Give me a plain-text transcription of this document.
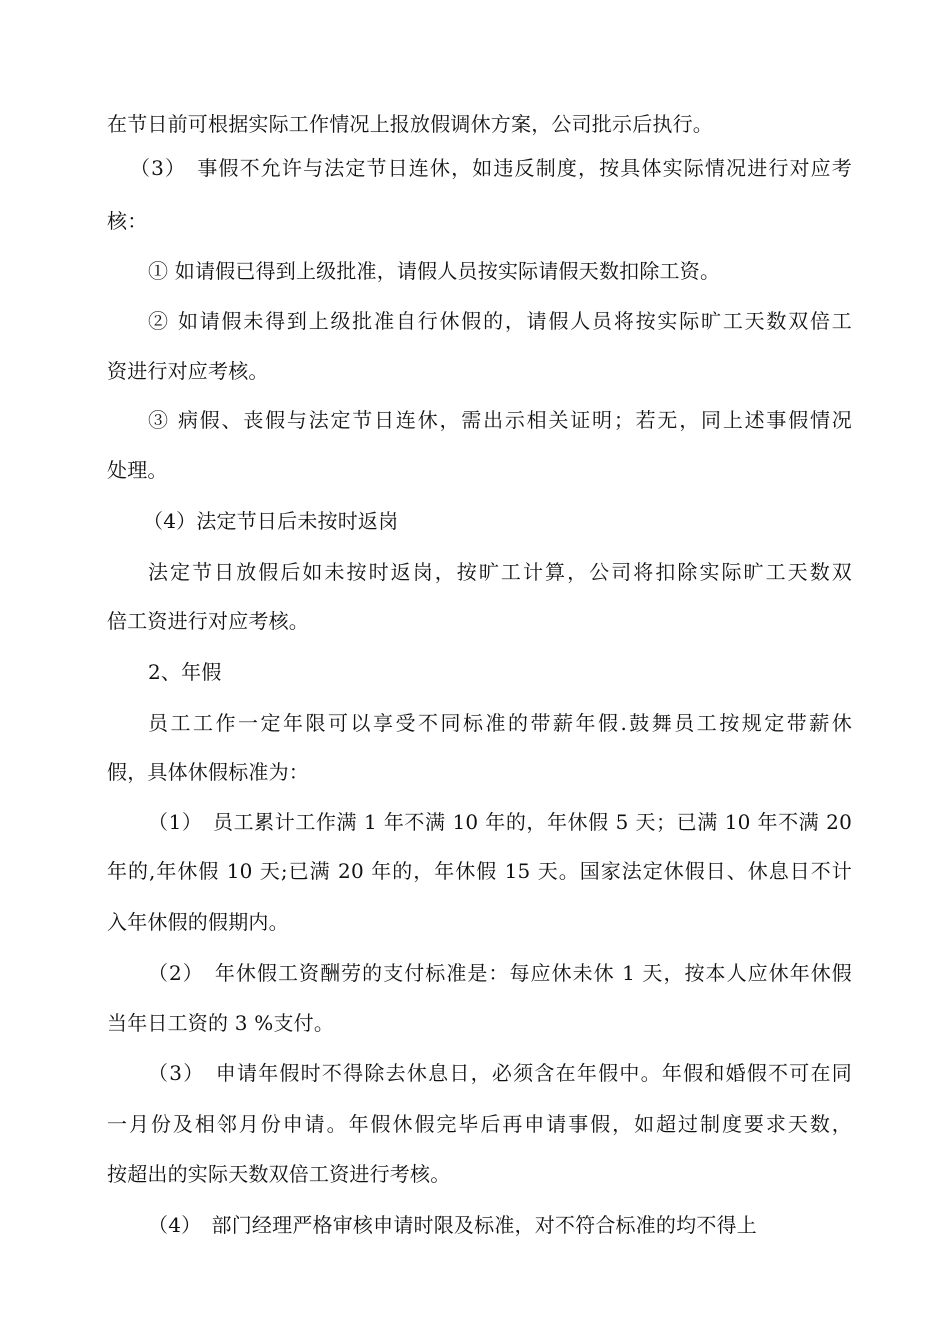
在节日前可根据实际工作情况上报放假调休方案，公司批示后执行。
（3）　事假不允许与法定节日连休，如违反制度，按具体实际情况进行对应考
核：
① 如请假已得到上级批准，请假人员按实际请假天数扣除工资。
② 如请假未得到上级批准自行休假的，请假人员将按实际旷工天数双倍工
资进行对应考核。
③ 病假、丧假与法定节日连休，需出示相关证明；若无，同上述事假情况
处理。
（4）法定节日后未按时返岗
法定节日放假后如未按时返岗，按旷工计算，公司将扣除实际旷工天数双
倍工资进行对应考核。
2、年假
员工工作一定年限可以享受不同标准的带薪年假.鼓舞员工按规定带薪休
假，具体休假标准为：
（1）　员工累计工作满 1 年不满 10 年的，年休假 5 天；已满 10 年不满 20
年的,年休假 10 天;已满 20 年的，年休假 15 天。国家法定休假日、休息日不计
入年休假的假期内。
（2）　年休假工资酬劳的支付标准是：每应休未休 1 天，按本人应休年休假
当年日工资的 3 %支付。
（3）　申请年假时不得除去休息日，必须含在年假中。年假和婚假不可在同
一月份及相邻月份申请。年假休假完毕后再申请事假，如超过制度要求天数，
按超出的实际天数双倍工资进行考核。
（4）　部门经理严格审核申请时限及标准，对不符合标准的均不得上
